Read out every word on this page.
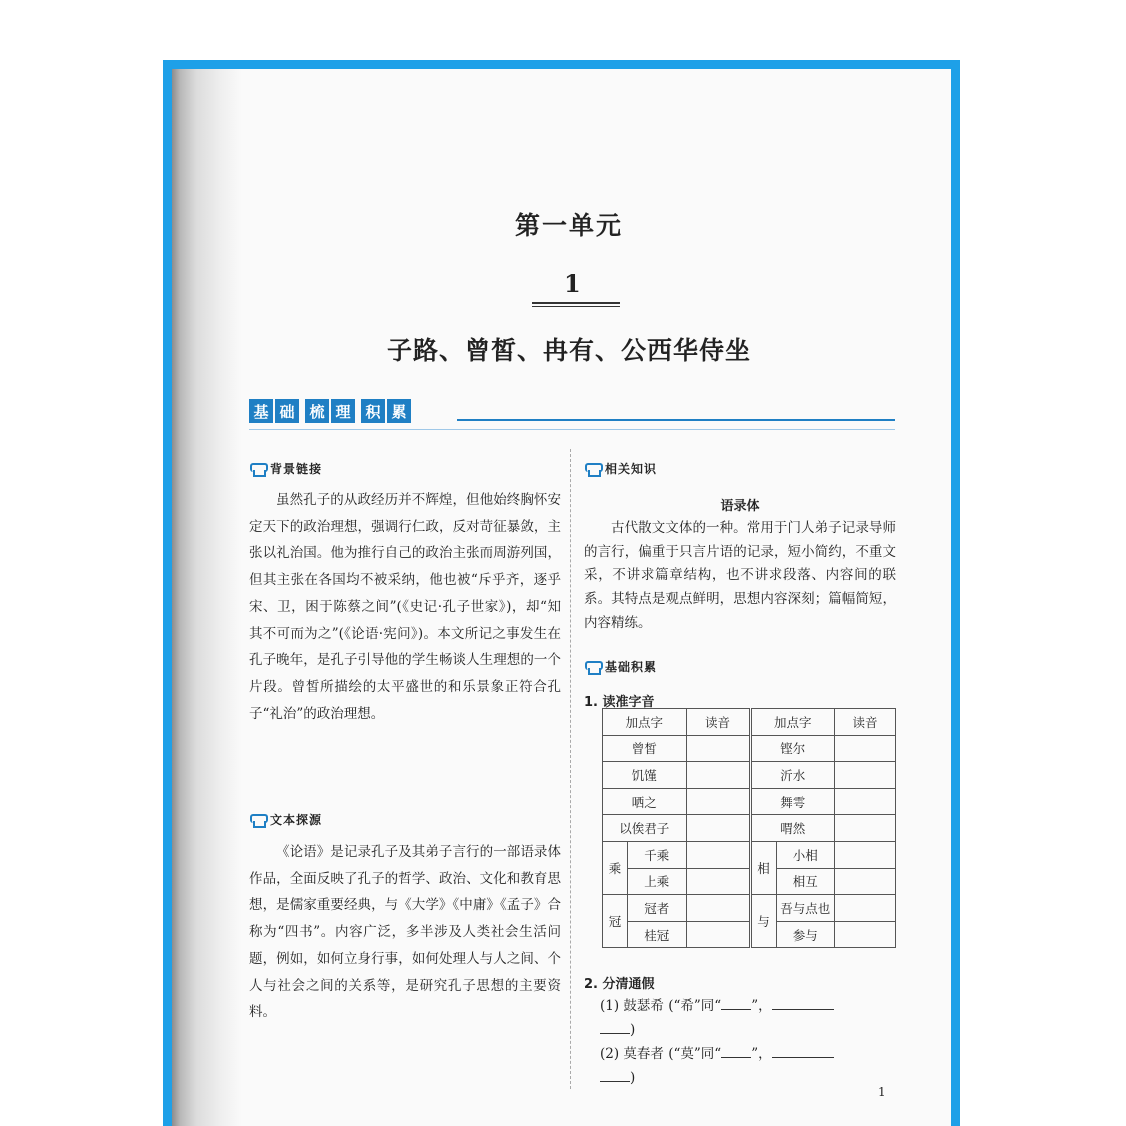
第一单元
1
子路、曾皙、冉有、公西华侍坐
基 础 梳 理 积 累
背景链接
虽然孔子的从政经历并不辉煌，但他始终胸怀安定天下的政治理想，强调行仁政，反对苛征暴敛，主张以礼治国。他为推行自己的政治主张而周游列国，但其主张在各国均不被采纳，他也被“斥乎齐，逐乎宋、卫，困于陈蔡之间”(《史记·孔子世家》)，却“知其不可而为之”(《论语·宪问》)。本文所记之事发生在孔子晚年，是孔子引导他的学生畅谈人生理想的一个片段。曾皙所描绘的太平盛世的和乐景象正符合孔子“礼治”的政治理想。
文本探源
《论语》是记录孔子及其弟子言行的一部语录体作品，全面反映了孔子的哲学、政治、文化和教育思想，是儒家重要经典，与《大学》《中庸》《孟子》合称为“四书”。内容广泛，多半涉及人类社会生活问题，例如，如何立身行事，如何处理人与人之间、个人与社会之间的关系等，是研究孔子思想的主要资料。
相关知识
语录体
古代散文文体的一种。常用于门人弟子记录导师的言行，偏重于只言片语的记录，短小简约，不重文采，不讲求篇章结构，也不讲求段落、内容间的联系。其特点是观点鲜明，思想内容深刻；篇幅简短，内容精练。
基础积累
1. 读准字音
加点字		读音	加点字		读音
曾皙			铿尔		
饥馑			沂水		
哂之			舞雩		
以俟君子			喟然		
乘	千乘		相	小相	
	上乘			相互	
冠	冠者		与	吾与点也	
	桂冠			参与	
2. 分清通假
(1) 鼓瑟希 (“希”同“ ”，
)
(2) 莫春者 (“莫”同“ ”，
)
1
